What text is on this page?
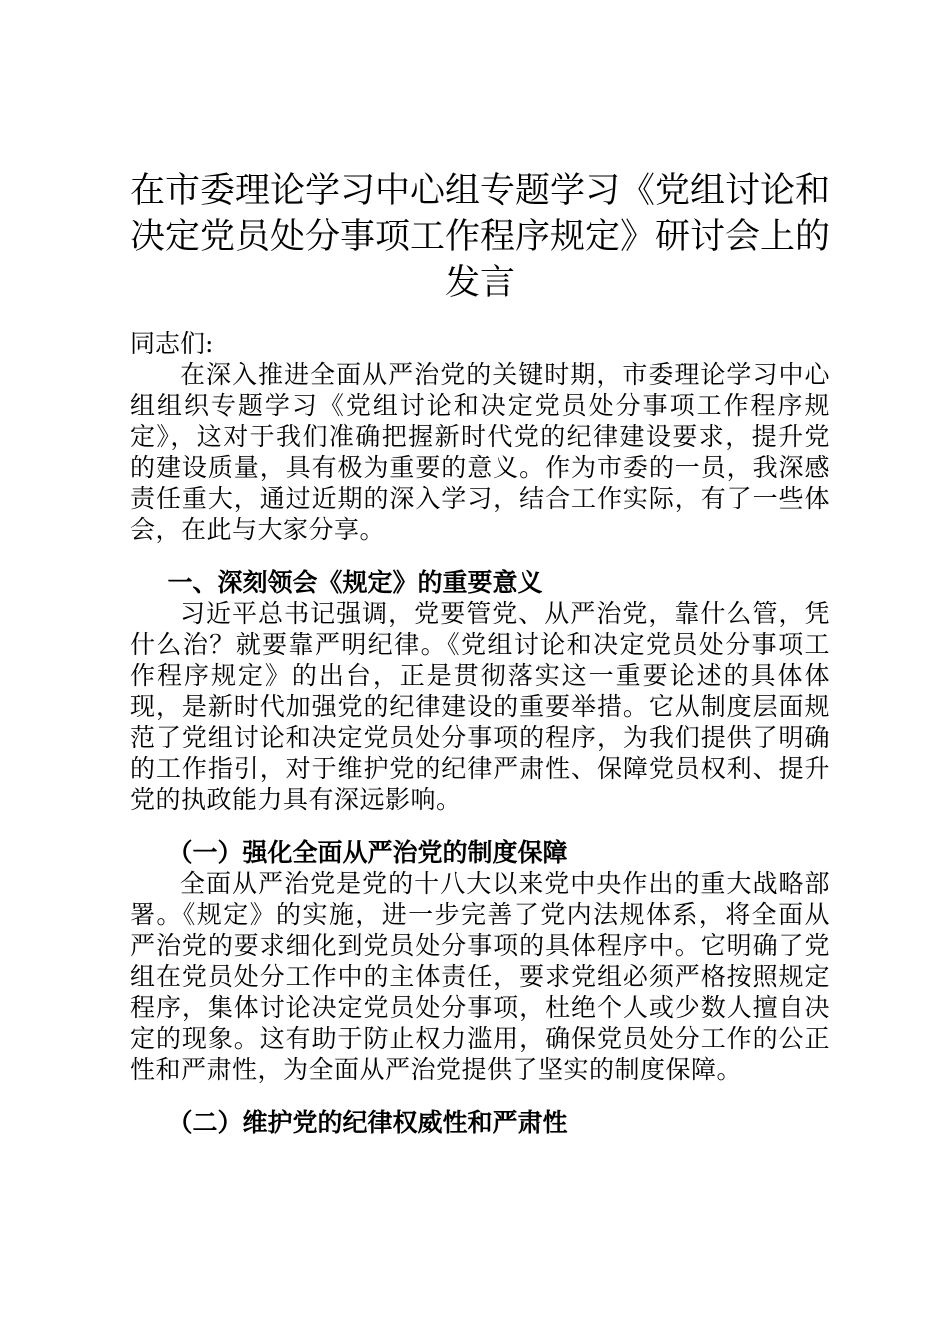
在市委理论学习中心组专题学习《党组讨论和决定党员处分事项工作程序规定》研讨会上的发言
同志们:

在深入推进全面从严治党的关键时期，市委理论学习中心组组织专题学习《党组讨论和决定党员处分事项工作程序规定》，这对于我们准确把握新时代党的纪律建设要求，提升党的建设质量，具有极为重要的意义。作为市委的一员，我深感责任重大，通过近期的深入学习，结合工作实际，有了一些体会，在此与大家分享。

一、深刻领会《规定》的重要意义

习近平总书记强调，党要管党、从严治党，靠什么管，凭什么治？就要靠严明纪律。《党组讨论和决定党员处分事项工作程序规定》的出台，正是贯彻落实这一重要论述的具体体现，是新时代加强党的纪律建设的重要举措。它从制度层面规范了党组讨论和决定党员处分事项的程序，为我们提供了明确的工作指引，对于维护党的纪律严肃性、保障党员权利、提升党的执政能力具有深远影响。

（一）强化全面从严治党的制度保障

全面从严治党是党的十八大以来党中央作出的重大战略部署。《规定》的实施，进一步完善了党内法规体系，将全面从严治党的要求细化到党员处分事项的具体程序中。它明确了党组在党员处分工作中的主体责任，要求党组必须严格按照规定程序，集体讨论决定党员处分事项，杜绝个人或少数人擅自决定的现象。这有助于防止权力滥用，确保党员处分工作的公正性和严肃性，为全面从严治党提供了坚实的制度保障。

（二）维护党的纪律权威性和严肃性
